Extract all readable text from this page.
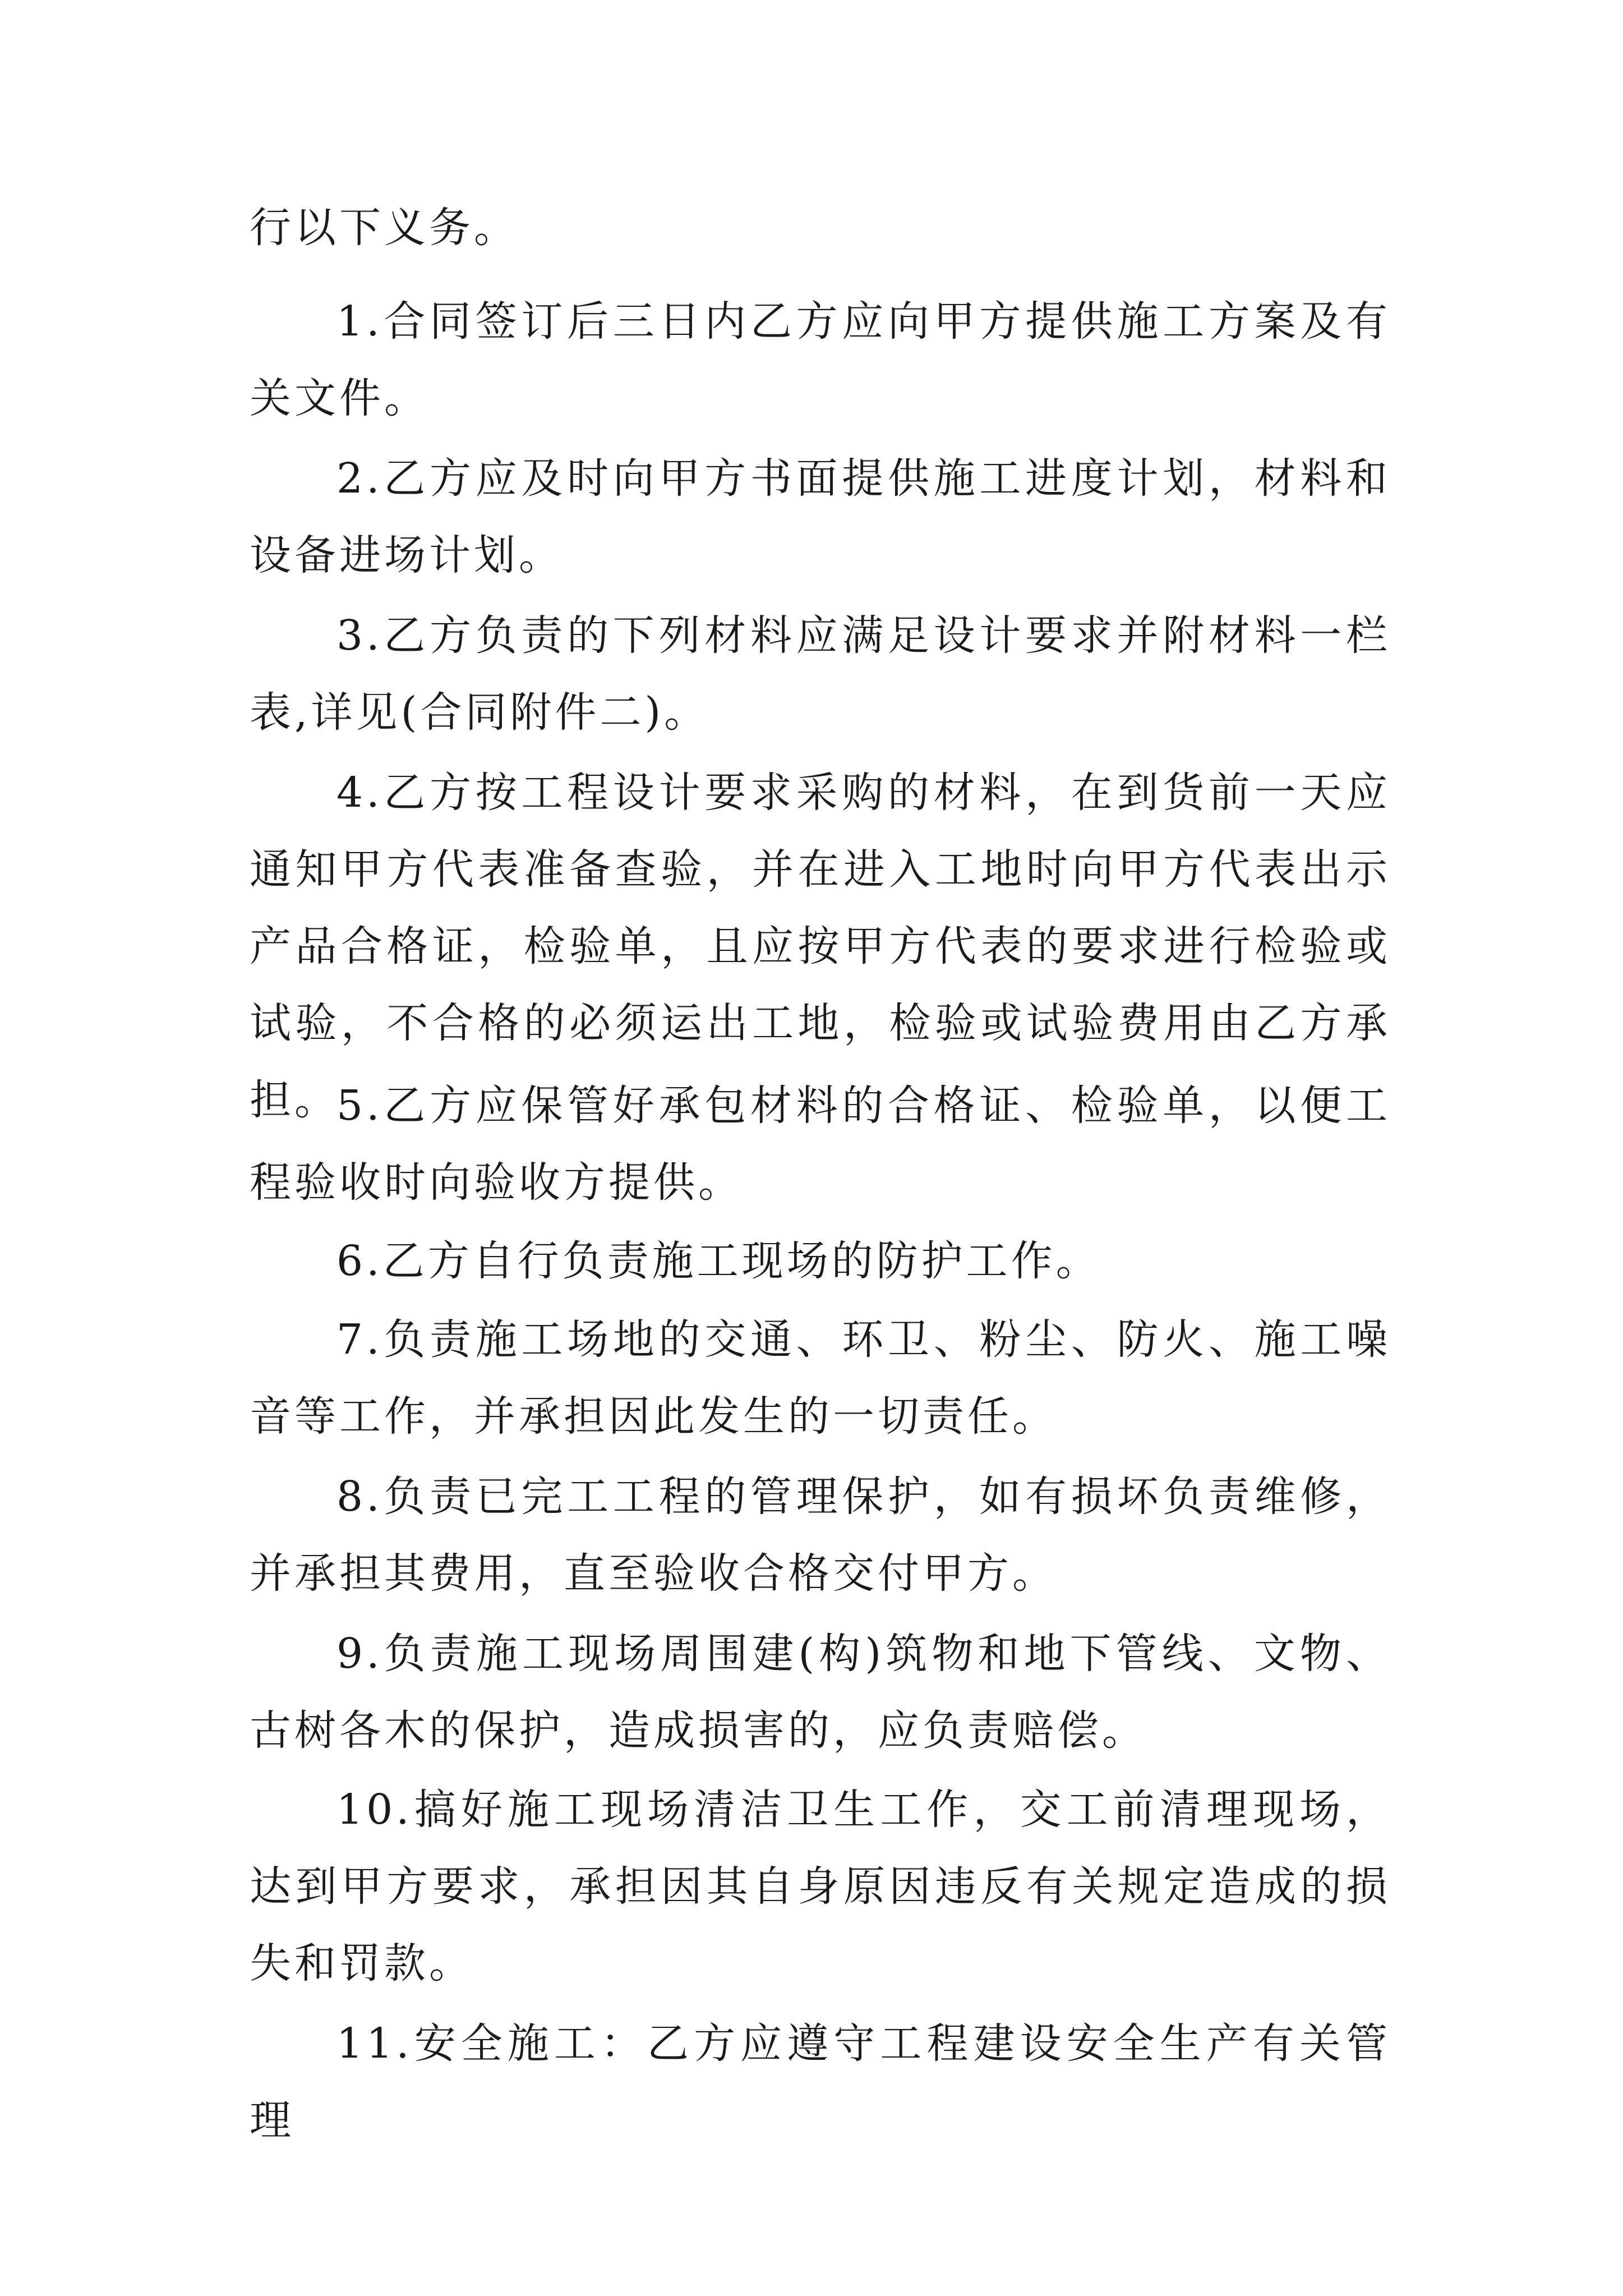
行以下义务。

1.合同签订后三日内乙方应向甲方提供施工方案及有关文件。

2.乙方应及时向甲方书面提供施工进度计划，材料和设备进场计划。

3.乙方负责的下列材料应满足设计要求并附材料一栏表,详见(合同附件二)。

4.乙方按工程设计要求采购的材料，在到货前一天应通知甲方代表准备查验，并在进入工地时向甲方代表出示产品合格证，检验单，且应按甲方代表的要求进行检验或试验，不合格的必须运出工地，检验或试验费用由乙方承担。

5.乙方应保管好承包材料的合格证、检验单，以便工程验收时向验收方提供。

6.乙方自行负责施工现场的防护工作。

7.负责施工场地的交通、环卫、粉尘、防火、施工噪音等工作，并承担因此发生的一切责任。

8.负责已完工工程的管理保护，如有损坏负责维修，并承担其费用，直至验收合格交付甲方。

9.负责施工现场周围建(构)筑物和地下管线、文物、古树各木的保护，造成损害的，应负责赔偿。

10.搞好施工现场清洁卫生工作，交工前清理现场，达到甲方要求，承担因其自身原因违反有关规定造成的损失和罚款。

11.安全施工：乙方应遵守工程建设安全生产有关管理
